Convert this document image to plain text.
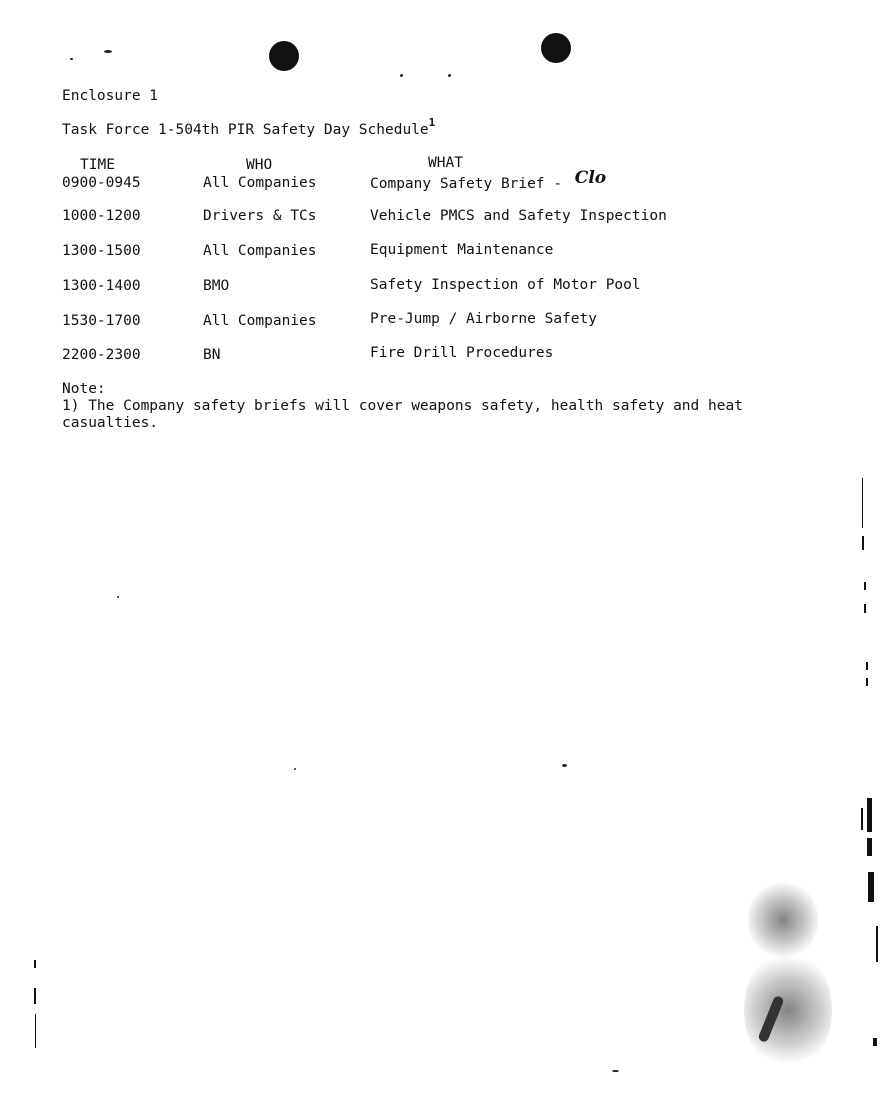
Enclosure 1
Task Force 1-504th PIR Safety Day Schedule$^1$
TIME	WHO	WHAT
0900-0945	All Companies	Company Safety Brief - Clo
1000-1200	Drivers & TCs	Vehicle PMCS and Safety Inspection
1300-1500	All Companies	Equipment Maintenance
1300-1400	BMO	Safety Inspection of Motor Pool
1530-1700	All Companies	Pre-Jump / Airborne Safety
2200-2300	BN	Fire Drill Procedures
Note:
1) The Company safety briefs will cover weapons safety, health safety and heat
casualties.
